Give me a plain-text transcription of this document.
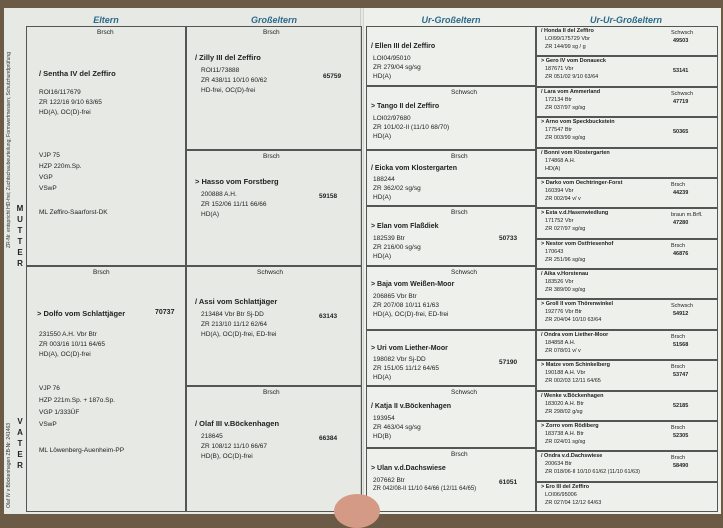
Eltern	Großeltern	Ur-Großeltern	Ur-Ur-Großeltern
ZR-Nr. entspricht HD-frei; Zuchtschaubeurteilung; Formwertmessen; Schutzhundprüfung
Olaf IV v Böckenhagen ZB-Nr. 241463
MUTTER
VATER
Brsch
/ Sentha IV del Zeffiro
ROI16/117679
ZR 122/16 9/10 63/65
HD(A), OC(D)-frei
VJP 75
HZP 220m.Sp.
VGP
VSwP
ML Zeffiro-Saarforst-DK
Brsch
> Dolfo vom Schlattjäger	70737
231550 A.H. Vbr Btr
ZR 003/16 10/11 64/65
HD(A), OC(D)-frei
VJP 76
HZP 221m.Sp. + 187o.Sp.
VGP 1/333ÜF
VSwP
ML Löwenberg-Auenheim-PP
Brsch
/ Zilly III del Zeffiro
ROI11/73888
ZR 438/11 10/10 60/62
HD-frei, OC(D)-frei
65759
Brsch
> Hasso vom Forstberg
200888 A.H.
ZR 152/06 11/11 66/66
HD(A)
59158
Schwsch
/ Assi vom Schlattjäger
213484 Vbr Btr Sj-DD
ZR 213/10 11/12 62/64
HD(A), OC(D)-frei, ED-frei
63143
Brsch
/ Olaf III v.Böckenhagen
218645
ZR 108/12 11/10 66/67
HD(B), OC(D)-frei
66384
/ Ellen III del Zeffiro
LOI04/95010
ZR 279/04 sg/sg
HD(A)
Schwsch
> Tango II del Zeffiro
LOI02/97680
ZR 101/02-II (11/10 68/70)
HD(A)
Brsch
/ Eicka vom Klostergarten
188244
ZR 362/02 sg/sg
HD(A)
Brsch
> Elan vom Flaßdiek
182539 Btr
ZR 216/00 sg/sg
HD(A)
50733
Schwsch
> Baja vom Weißen-Moor
206865 Vbr Btr
ZR 207/08 10/11 61/63
HD(A), OC(D)-frei, ED-frei
> Uri vom Liether-Moor
198082 Vbr Sj-DD
ZR 151/05 11/12 64/65
HD(A)
57190
Schwsch
/ Katja II v.Böckenhagen
193954
ZR 463/04 sg/sg
HD(B)
Brsch
> Ulan v.d.Dachswiese
207662 Btr
ZR 042/08-II 11/10 64/66 (12/11 64/65)
61051
/ Honda II del Zeffiro
LOI99/175729 Vbr
ZR 144/99 sg / g
Schwsch
49503
> Gero IV vom Donaueck
187671 Vbr
ZR 051/02 9/10 63/64
53141
/ Lara vom Ammerland
172134 Btr
ZR 037/97 sg/sg
Schwsch
47719
> Arno vom Speckbuckstein
177547 Btr
ZR 003/99 sg/sg
50365
/ Bonni vom Klostergarten
174868 A.H.
HD(A)
> Darko vom Oechtringer-Forst
160394 Vbr
ZR 002/94 v/ v
Brsch
44239
> Esta v.d.Hasenwiedlung
171752 Vbr
ZR 027/97 sg/sg
braun m.Brfl.
47280
> Nestor vom Ostfriesenhof
170643
ZR 251/96 sg/sg
Brsch
46876
/ Aika v.Horstenau
183526 Vbr
ZR 389/00 sg/sg
> Groll II vom Thörenwinkel
192776 Vbr Btr
ZR 204/04 10/10 63/64
Schwsch
54912
/ Ondra vom Liether-Moor
184858 A.H.
ZR 078/01 v/ v
Brsch
51568
> Matze vom Schinkelberg
190188 A.H. Vbr
ZR 002/03 12/11 64/65
Brsch
53747
/ Wenke v.Böckenhagen
183020 A.H. Btr
ZR 298/02 g/sg
52185
> Zorro vom Rödiberg
183738 A.H. Btr
ZR 024/01 sg/sg
Brsch
52305
/ Ondra v.d.Dachswiese
200634 Btr
ZR 018/06-II 10/10 61/62 (11/10 61/63)
Brsch
58490
> Ero III del Zeffiro
LOI06/95006
ZR 027/04 12/12 64/63
